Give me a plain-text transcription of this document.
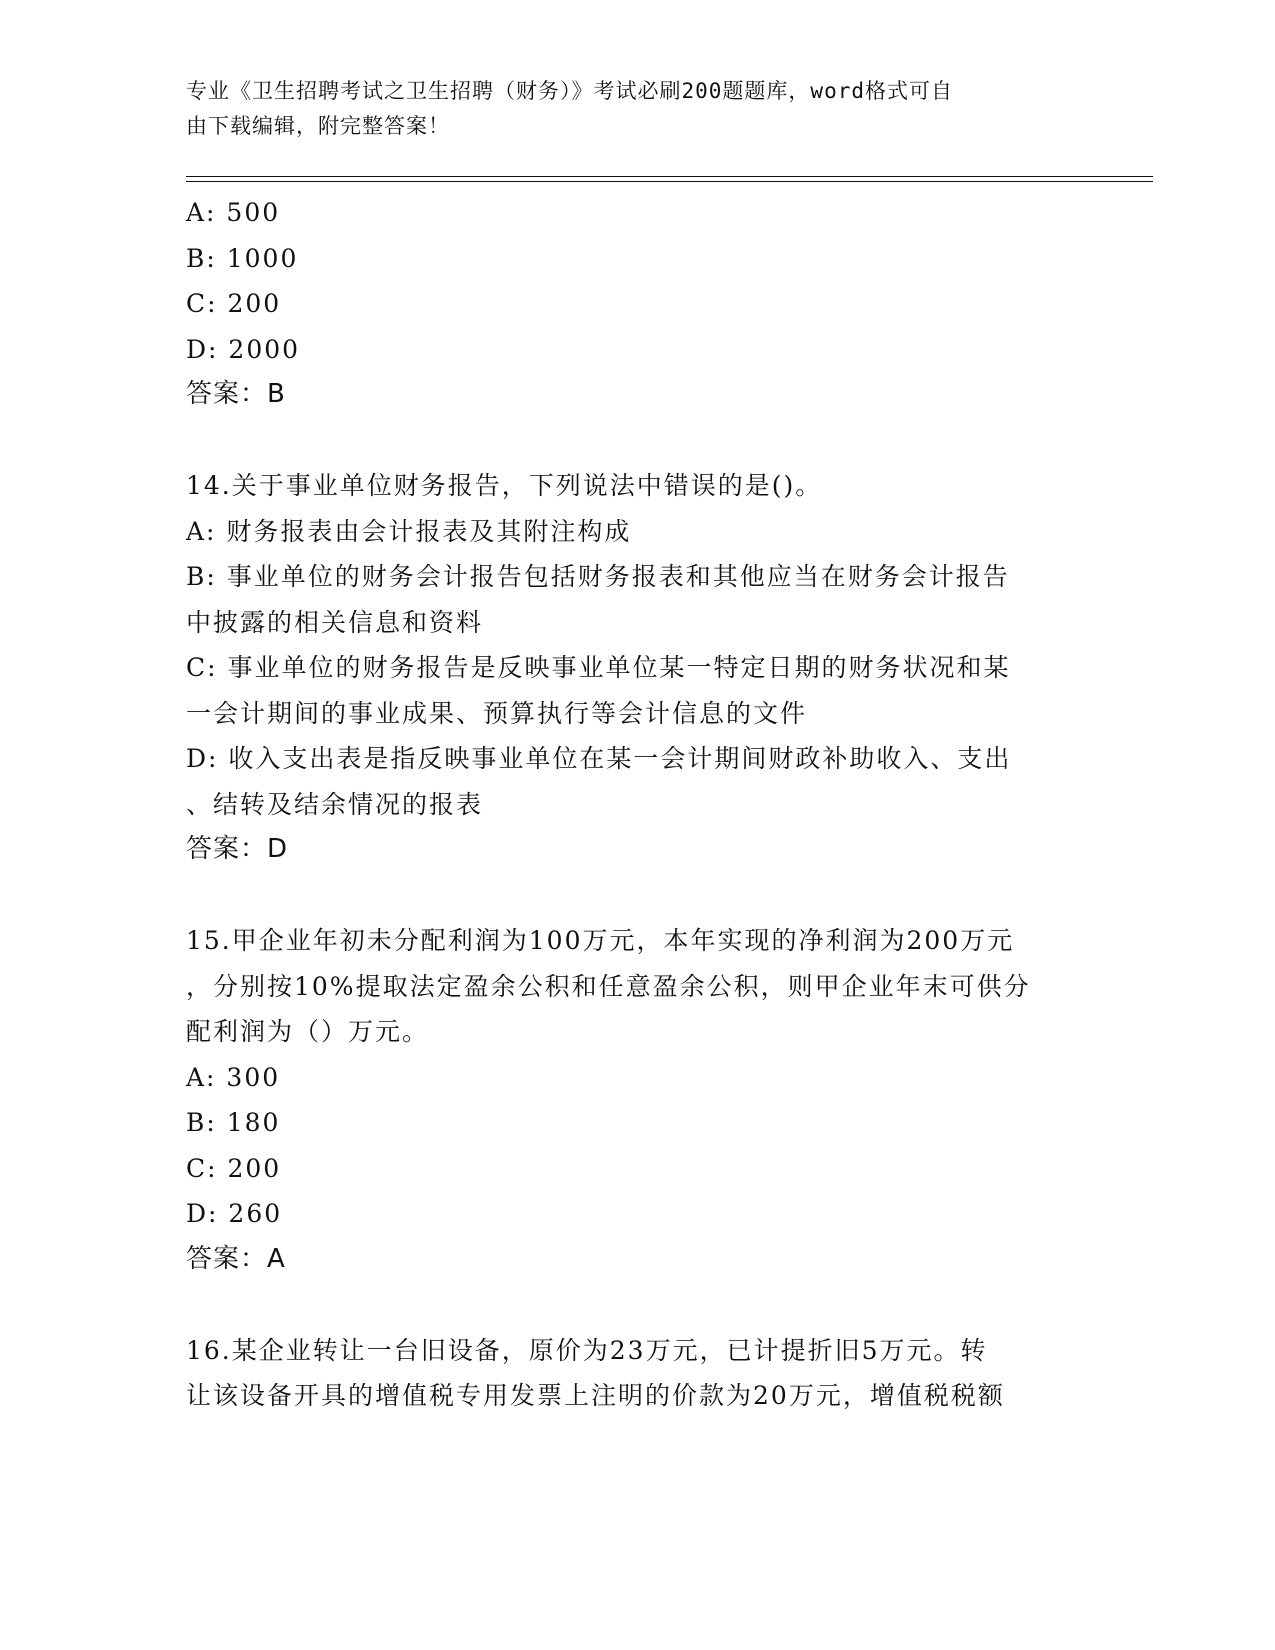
专业《卫生招聘考试之卫生招聘（财务）》考试必刷200题题库，word格式可自
由下载编辑，附完整答案！
A: 500
B: 1000
C: 200
D: 2000
答案：B
14.关于事业单位财务报告，下列说法中错误的是()。
A: 财务报表由会计报表及其附注构成
B: 事业单位的财务会计报告包括财务报表和其他应当在财务会计报告
中披露的相关信息和资料
C: 事业单位的财务报告是反映事业单位某一特定日期的财务状况和某
一会计期间的事业成果、预算执行等会计信息的文件
D: 收入支出表是指反映事业单位在某一会计期间财政补助收入、支出
、结转及结余情况的报表
答案：D
15.甲企业年初未分配利润为100万元，本年实现的净利润为200万元
，分别按10%提取法定盈余公积和任意盈余公积，则甲企业年末可供分
配利润为（）万元。
A: 300
B: 180
C: 200
D: 260
答案：A
16.某企业转让一台旧设备，原价为23万元，已计提折旧5万元。转
让该设备开具的增值税专用发票上注明的价款为20万元，增值税税额
